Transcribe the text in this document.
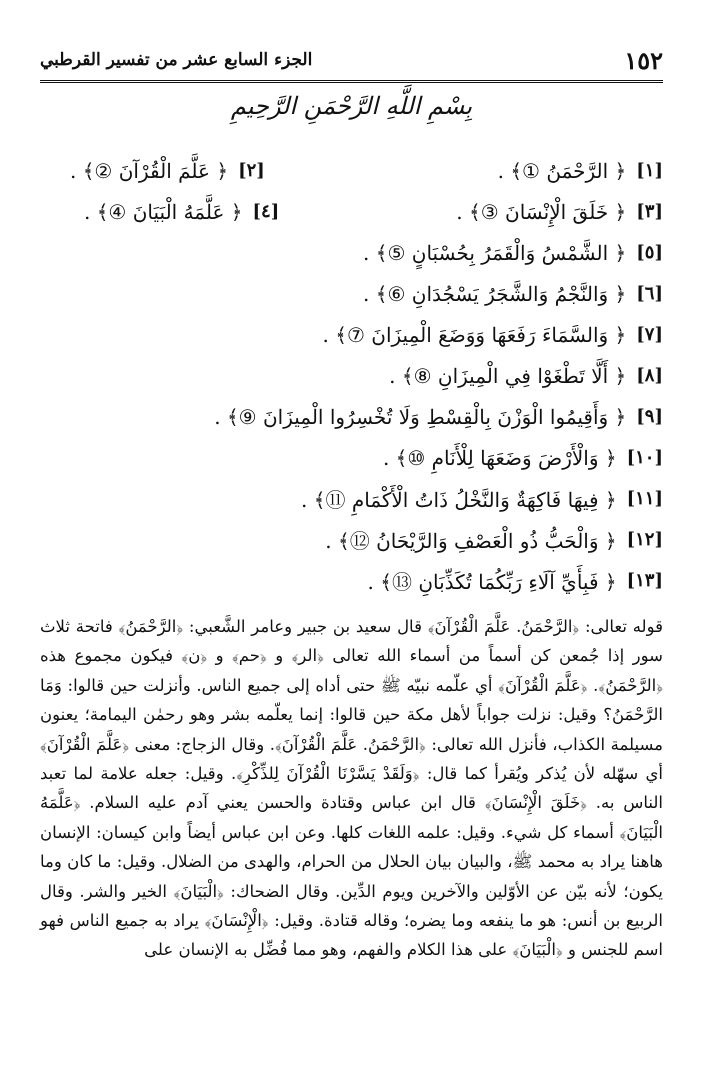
الجزء السابع عشر من تفسير القرطبي	١٥٢
بِسْمِ اللَّهِ الرَّحْمَنِ الرَّحِيمِ
[١]
﴿ الرَّحْمَنُ ①﴾ .
[٢]
﴿ عَلَّمَ الْقُرْآنَ ②﴾ .
[٣]
﴿ خَلَقَ الْإِنْسَانَ ③﴾ .
[٤]
﴿ عَلَّمَهُ الْبَيَانَ ④﴾ .
[٥]
﴿ الشَّمْسُ وَالْقَمَرُ بِحُسْبَانٍ ⑤﴾ .
[٦]
﴿ وَالنَّجْمُ وَالشَّجَرُ يَسْجُدَانِ ⑥﴾ .
[٧]
﴿ وَالسَّمَاءَ رَفَعَهَا وَوَضَعَ الْمِيزَانَ ⑦﴾ .
[٨]
﴿ أَلَّا تَطْغَوْا فِي الْمِيزَانِ ⑧﴾ .
[٩]
﴿ وَأَقِيمُوا الْوَزْنَ بِالْقِسْطِ وَلَا تُخْسِرُوا الْمِيزَانَ ⑨﴾ .
[١٠]
﴿ وَالْأَرْضَ وَضَعَهَا لِلْأَنَامِ ⑩﴾ .
[١١]
﴿ فِيهَا فَاكِهَةٌ وَالنَّخْلُ ذَاتُ الْأَكْمَامِ ⑪﴾ .
[١٢]
﴿ وَالْحَبُّ ذُو الْعَصْفِ وَالرَّيْحَانُ ⑫﴾ .
[١٣]
﴿ فَبِأَيِّ آلَاءِ رَبِّكُمَا تُكَذِّبَانِ ⑬﴾ .

قوله تعالى: ﴿الرَّحْمَنُ. عَلَّمَ الْقُرْآنَ﴾ قال سعيد بن جبير وعامر الشَّعبي: ﴿الرَّحْمَنُ﴾ فاتحة ثلاث سور إذا جُمعن كن أسماً من أسماء الله تعالى ﴿الر﴾ و ﴿حم﴾ و ﴿ن﴾ فيكون مجموع هذه ﴿الرَّحْمَنُ﴾. ﴿عَلَّمَ الْقُرْآنَ﴾ أي علّمه نبيّه ﷺ حتى أداه إلى جميع الناس. وأنزلت حين قالوا: وَمَا الرَّحْمَنُ؟ وقيل: نزلت جواباً لأهل مكة حين قالوا: إنما يعلّمه بشر وهو رحمٰن اليمامة؛ يعنون مسيلمة الكذاب، فأنزل الله تعالى: ﴿الرَّحْمَنُ. عَلَّمَ الْقُرْآنَ﴾. وقال الزجاج: معنى ﴿عَلَّمَ الْقُرْآنَ﴾ أي سهّله لأن يُذكر ويُقرأ كما قال: ﴿وَلَقَدْ يَسَّرْنَا الْقُرْآنَ لِلذِّكْرِ﴾. وقيل: جعله علامة لما تعبد الناس به. ﴿خَلَقَ الْإِنْسَانَ﴾ قال ابن عباس وقتادة والحسن يعني آدم عليه السلام. ﴿عَلَّمَهُ الْبَيَانَ﴾ أسماء كل شيء. وقيل: علمه اللغات كلها. وعن ابن عباس أيضاً وابن كيسان: الإنسان هاهنا يراد به محمد ﷺ، والبيان بيان الحلال من الحرام، والهدى من الضلال. وقيل: ما كان وما يكون؛ لأنه بيّن عن الأوّلين والآخرين ويوم الدِّين. وقال الضحاك: ﴿الْبَيَانَ﴾ الخير والشر. وقال الربيع بن أنس: هو ما ينفعه وما يضره؛ وقاله قتادة. وقيل: ﴿الْإِنْسَانَ﴾ يراد به جميع الناس فهو اسم للجنس و ﴿الْبَيَانَ﴾ على هذا الكلام والفهم، وهو مما فُضِّل به الإنسان على
